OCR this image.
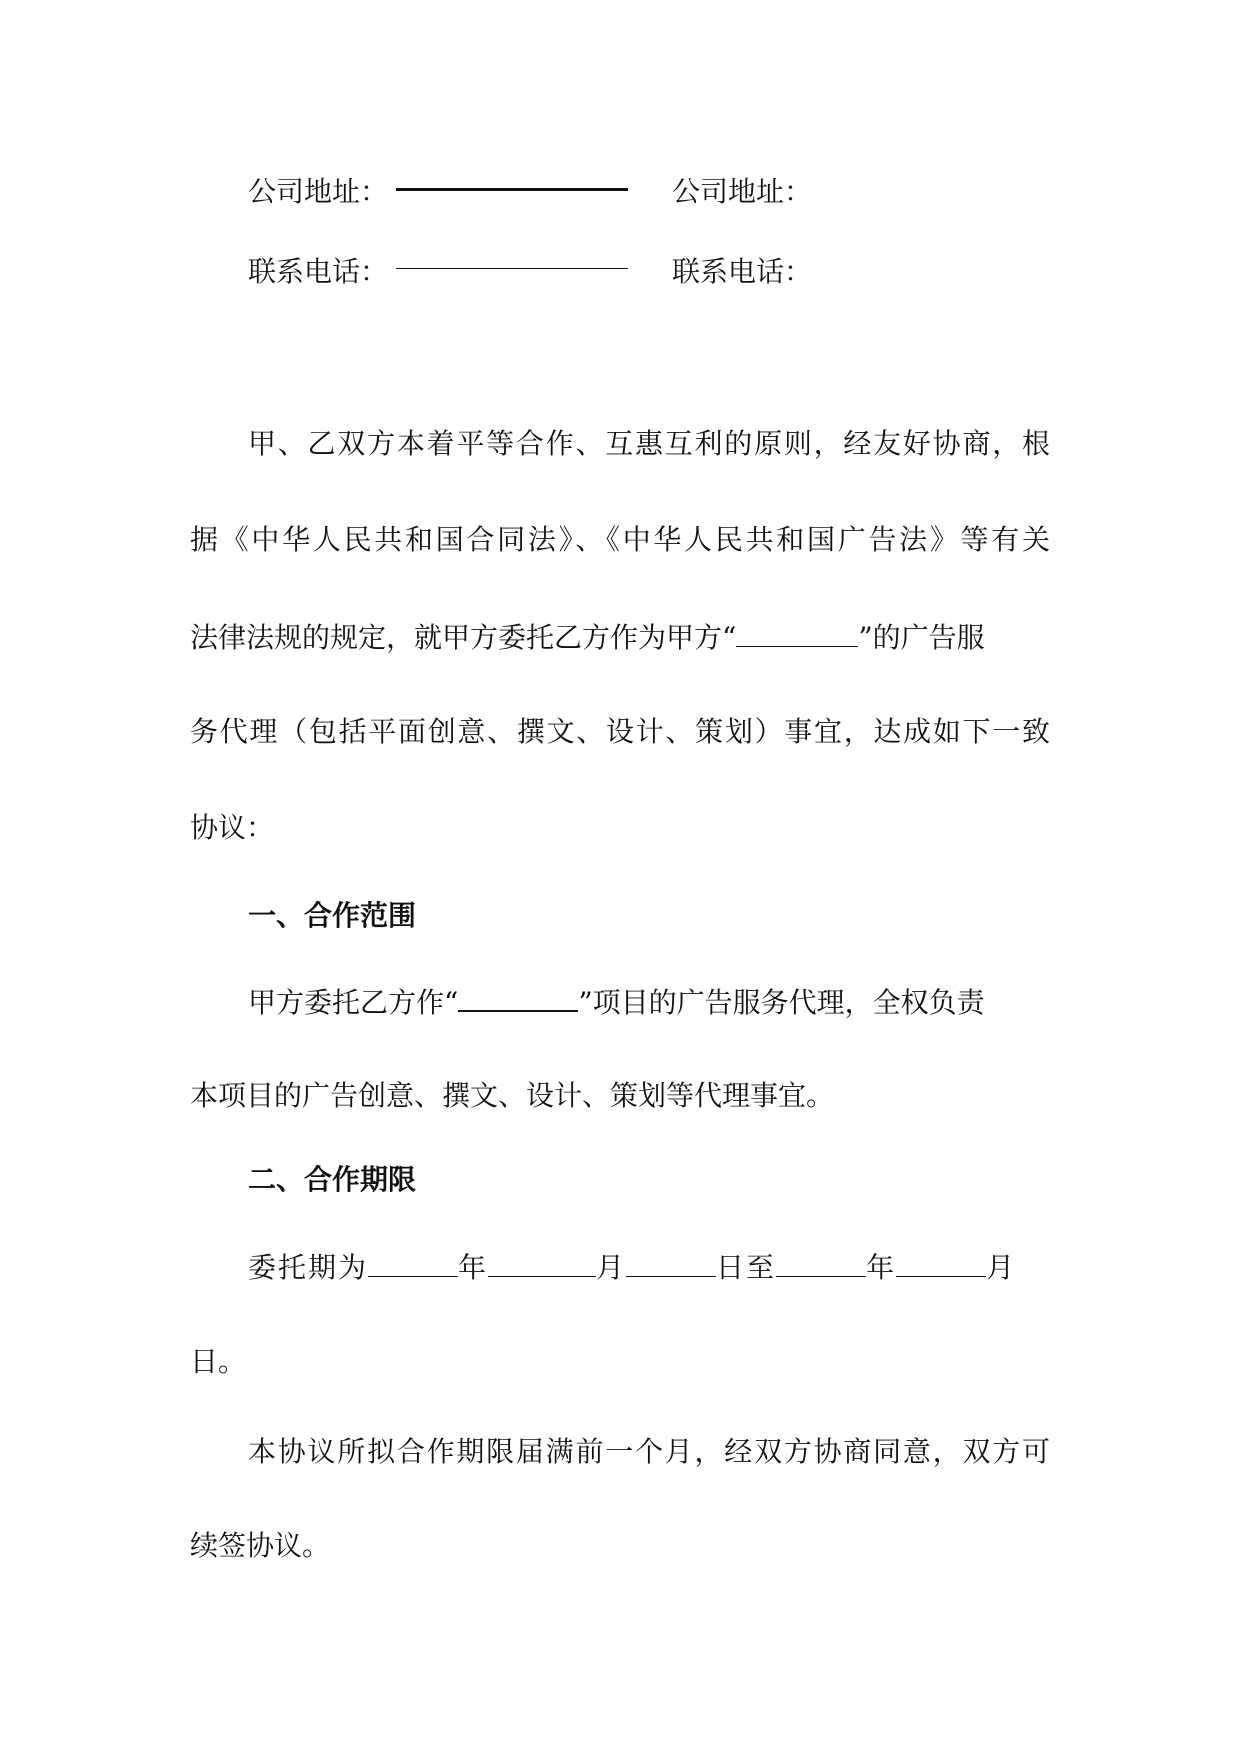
公司地址：	公司地址：
联系电话：	联系电话：
甲、乙双方本着平等合作、互惠互利的原则，经友好协商，根
据《中华人民共和国合同法》、《中华人民共和国广告法》等有关
法律法规的规定，就甲方委托乙方作为甲方“	”的广告服
务代理（包括平面创意、撰文、设计、策划）事宜，达成如下一致
协议：
一、合作范围
甲方委托乙方作“	”项目的广告服务代理，全权负责
本项目的广告创意、撰文、设计、策划等代理事宜。
二、合作期限
委托期为	年	月	日至	年	月
日。
本协议所拟合作期限届满前一个月，经双方协商同意，双方可
续签协议。
